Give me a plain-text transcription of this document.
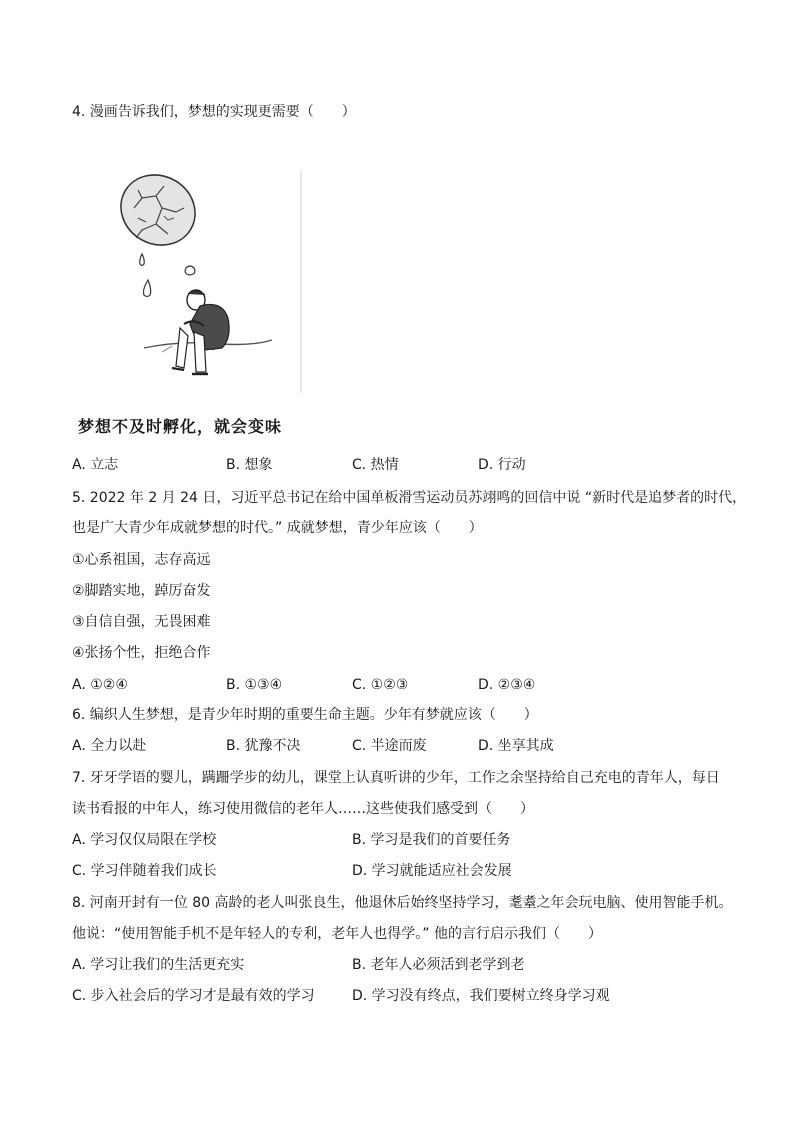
4. 漫画告诉我们，梦想的实现更需要（　　）
梦想不及时孵化，就会变味
A. 立志	B. 想象	C. 热情	D. 行动
5. 2022 年 2 月 24 日，习近平总书记在给中国单板滑雪运动员苏翊鸣的回信中说 “新时代是追梦者的时代，
也是广大青少年成就梦想的时代。” 成就梦想，青少年应该（　　）
①心系祖国，志存高远
②脚踏实地，踔厉奋发
③自信自强，无畏困难
④张扬个性，拒绝合作
A. ①②④	B. ①③④	C. ①②③	D. ②③④
6. 编织人生梦想，是青少年时期的重要生命主题。少年有梦就应该（　　）
A. 全力以赴	B. 犹豫不决	C. 半途而废	D. 坐享其成
7. 牙牙学语的婴儿，蹒跚学步的幼儿，课堂上认真听讲的少年，工作之余坚持给自己充电的青年人，每日
读书看报的中年人，练习使用微信的老年人……这些使我们感受到（　　）
A. 学习仅仅局限在学校	B. 学习是我们的首要任务
C. 学习伴随着我们成长	D. 学习就能适应社会发展
8. 河南开封有一位 80 高龄的老人叫张良生，他退休后始终坚持学习，耄耋之年会玩电脑、使用智能手机。
他说：“使用智能手机不是年轻人的专利，老年人也得学。” 他的言行启示我们（　　）
A. 学习让我们的生活更充实	B. 老年人必须活到老学到老
C. 步入社会后的学习才是最有效的学习	D. 学习没有终点，我们要树立终身学习观
